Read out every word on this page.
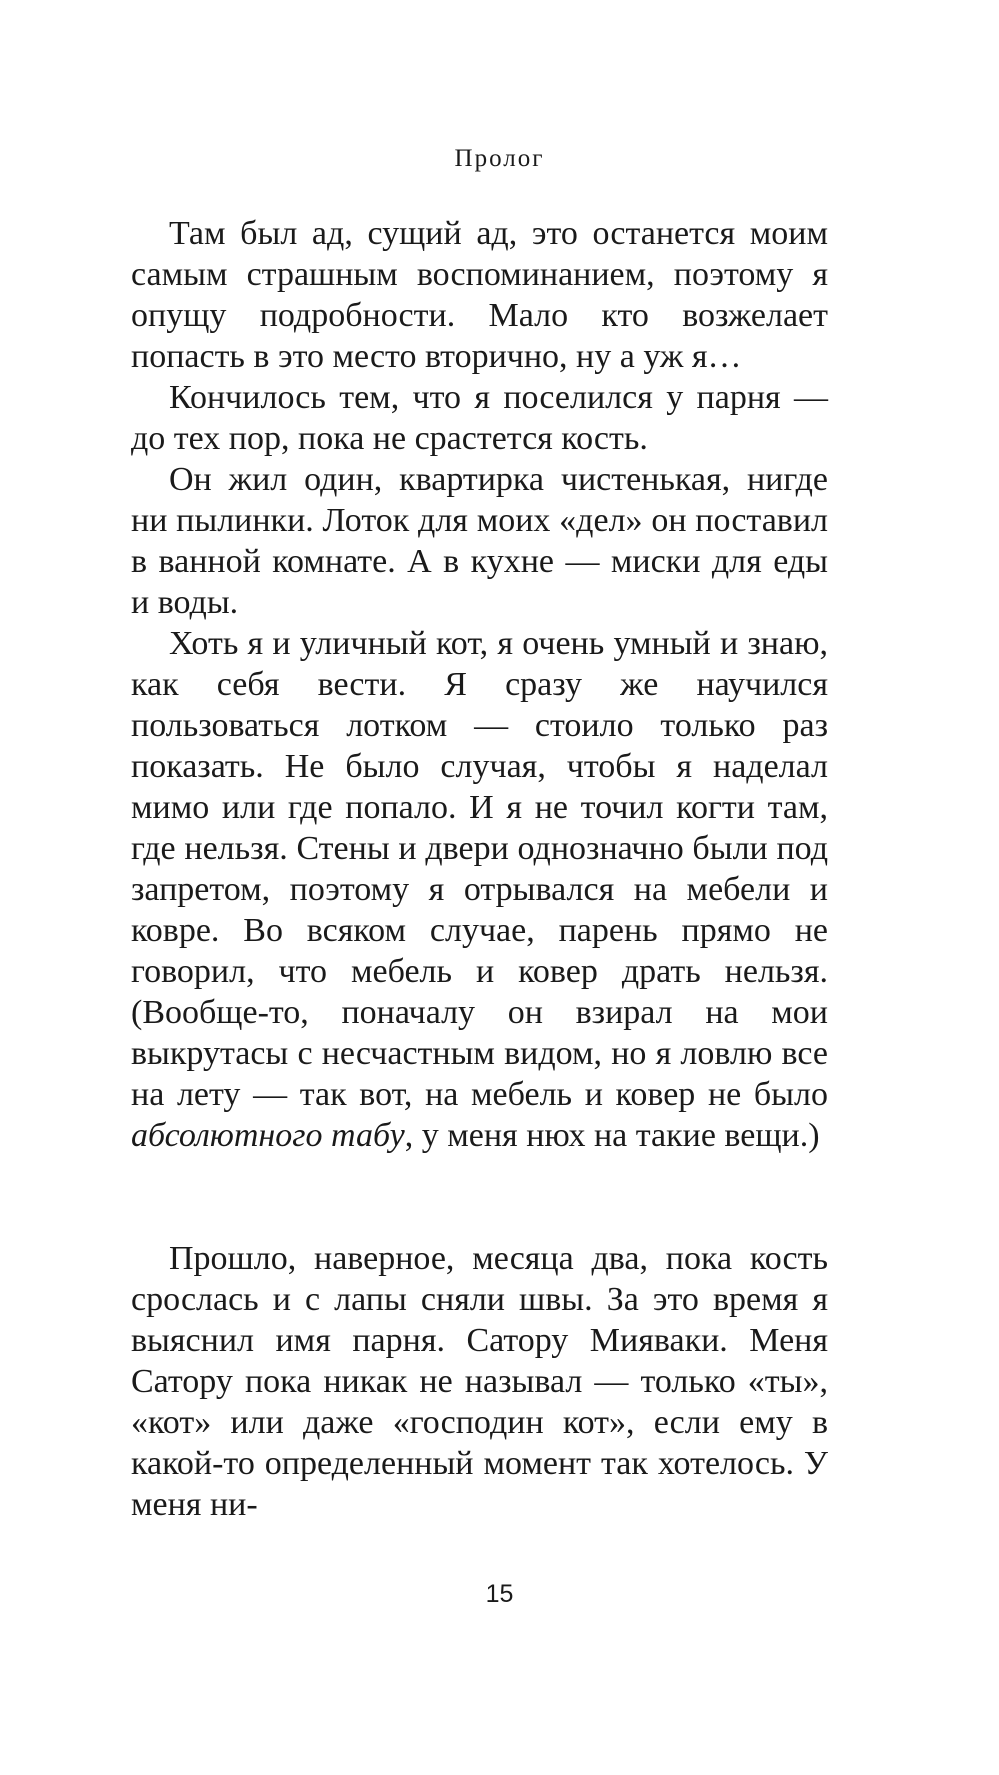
Пролог

Там был ад, сущий ад, это останется моим самым страшным воспоминанием, поэтому я опущу подробности. Мало кто возжелает попасть в это место вторично, ну а уж я…

Кончилось тем, что я поселился у парня — до тех пор, пока не срастется кость.

Он жил один, квартирка чистенькая, нигде ни пылинки. Лоток для моих «дел» он поставил в ванной комнате. А в кухне — миски для еды и воды.

Хоть я и уличный кот, я очень умный и знаю, как себя вести. Я сразу же научился пользоваться лотком — стоило только раз показать. Не было случая, чтобы я наделал мимо или где попало. И я не точил когти там, где нельзя. Стены и двери однозначно были под запретом, поэтому я отрывался на мебели и ковре. Во всяком случае, парень прямо не говорил, что мебель и ковер драть нельзя. (Вообще-то, поначалу он взирал на мои выкрутасы с несчастным видом, но я ловлю все на лету — так вот, на мебель и ковер не было абсолютного табу, у меня нюх на такие вещи.)

Прошло, наверное, месяца два, пока кость срослась и с лапы сняли швы. За это время я выяснил имя парня. Сатору Мияваки. Меня Сатору пока никак не называл — только «ты», «кот» или даже «господин кот», если ему в какой-то определенный момент так хотелось. У меня ни-

15
